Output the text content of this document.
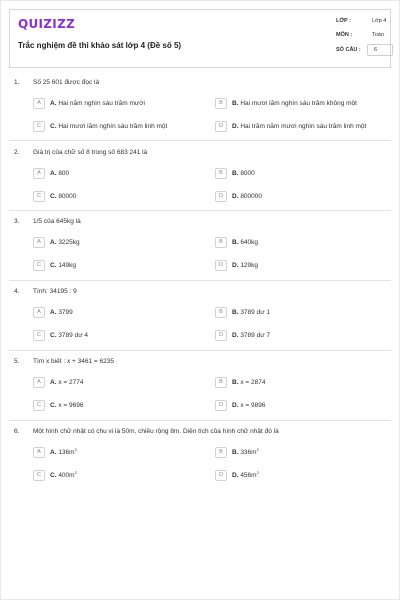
QUIZIZZ
Trắc nghiệm đề thi khảo sát lớp 4 (Đề số 5)
LỚP :	Lớp 4
MÔN :	Toán
SỐ CÂU : 6
1. Số 25 601 được đọc là
A	A. Hai năm nghìn sáu trăm mười	B	B. Hai mươi lăm nghìn sáu trăm không một
C	C. Hai mươi lăm nghìn sáu trăm linh một	D	D. Hai trăm năm mươi nghìn sáu trăm linh một
2. Giá trị của chữ số 8 trong số 683 241 là
A	A. 800	B	B. 8000
C	C. 80000	D	D. 800000
3. 1/5 của 645kg là
A	A. 3225kg	B	B. 640kg
C	C. 149kg	D	D. 129kg
4. Tính: 34195 : 9
A	A. 3799	B	B. 3789 dư 1
C	C. 3789 dư 4	D	D. 3789 dư 7
5. Tìm x biết : x + 3461 = 6235
A	A. x = 2774	B	B. x = 2874
C	C. x = 9696	D	D. x = 9896
6. Một hình chữ nhật có chu vi là 50m, chiều rộng 8m. Diện tích của hình chữ nhật đó là
A	A. $136m^2$	B	B. $336m^2$
C	C. $400m^2$	D	D. $456m^2$
